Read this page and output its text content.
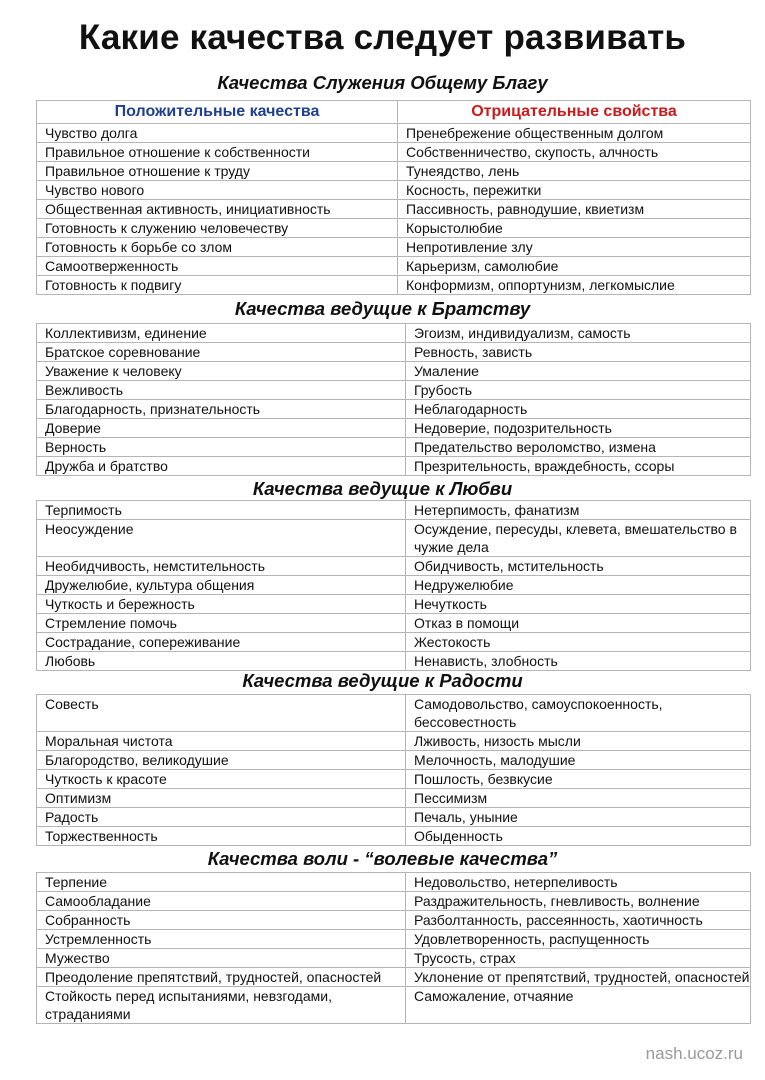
Какие качества следует развивать
Качества Служения Общему Благу
Положительные качества	Отрицательные свойства
Чувство долга	Пренебрежение общественным долгом
Правильное отношение к собственности	Собственничество, скупость, алчность
Правильное отношение к труду	Тунеядство, лень
Чувство нового	Косность, пережитки
Общественная активность, инициативность	Пассивность, равнодушие, квиетизм
Готовность к служению человечеству	Корыстолюбие
Готовность к борьбе со злом	Непротивление злу
Самоотверженность	Карьеризм, самолюбие
Готовность к подвигу	Конформизм, оппортунизм, легкомыслие
Качества ведущие к Братству
Коллективизм, единение	Эгоизм, индивидуализм, самость
Братское соревнование	Ревность, зависть
Уважение к человеку	Умаление
Вежливость	Грубость
Благодарность, признательность	Неблагодарность
Доверие	Недоверие, подозрительность
Верность	Предательство вероломство, измена
Дружба и братство	Презрительность, враждебность, ссоры
Качества ведущие к Любви
Терпимость	Нетерпимость, фанатизм
Неосуждение	Осуждение, пересуды, клевета, вмешательство в чужие дела
Необидчивость, немстительность	Обидчивость, мстительность
Дружелюбие, культура общения	Недружелюбие
Чуткость и бережность	Нечуткость
Стремление помочь	Отказ в помощи
Сострадание, сопереживание	Жестокость
Любовь	Ненависть, злобность
Качества ведущие к Радости
Совесть	Самодовольство, самоуспокоенность, бессовестность
Моральная чистота	Лживость, низость мысли
Благородство, великодушие	Мелочность, малодушие
Чуткость к красоте	Пошлость, безвкусие
Оптимизм	Пессимизм
Радость	Печаль, уныние
Торжественность	Обыденность
Качества воли - “волевые качества”
Терпение	Недовольство, нетерпеливость
Самообладание	Раздражительность, гневливость, волнение
Собранность	Разболтанность, рассеянность, хаотичность
Устремленность	Удовлетворенность, распущенность
Мужество	Трусость, страх
Преодоление препятствий, трудностей, опасностей	Уклонение от препятствий, трудностей, опасностей
Стойкость перед испытаниями, невзгодами, страданиями	Саможаление, отчаяние
nash.ucoz.ru
